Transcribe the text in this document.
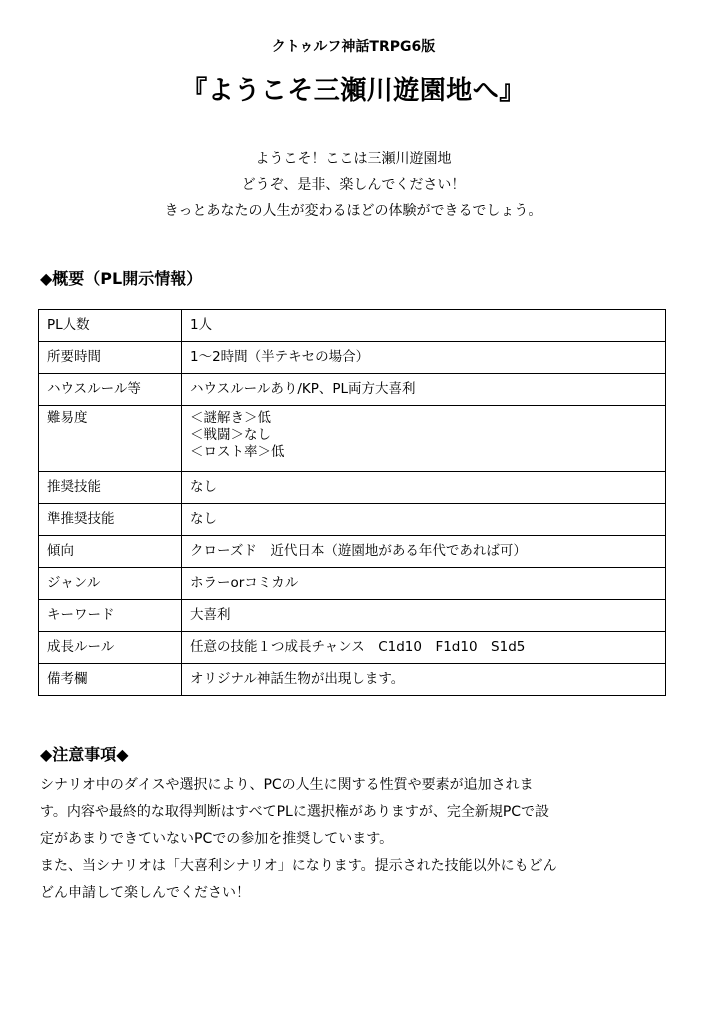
クトゥルフ神話TRPG6版
『ようこそ三瀬川遊園地へ』
ようこそ！ここは三瀬川遊園地
どうぞ、是非、楽しんでください！
きっとあなたの人生が変わるほどの体験ができるでしょう。
◆概要（PL開示情報）
PL人数	1人

所要時間	1～2時間（半テキセの場合）

ハウスルール等	ハウスルールあり/KP、PL両方大喜利

難易度	＜謎解き＞低
＜戦闘＞なし
＜ロスト率＞低

推奨技能	なし

準推奨技能	なし

傾向	クローズド　近代日本（遊園地がある年代であれば可）

ジャンル	ホラーorコミカル

キーワード	大喜利

成長ルール	任意の技能１つ成長チャンス　C1d10　F1d10　S1d5

備考欄	オリジナル神話生物が出現します。
◆注意事項◆
シナリオ中のダイスや選択により、PCの人生に関する性質や要素が追加されま
す。内容や最終的な取得判断はすべてPLに選択権がありますが、完全新規PCで設
定があまりできていないPCでの参加を推奨しています。
また、当シナリオは「大喜利シナリオ」になります。提示された技能以外にもどん
どん申請して楽しんでください！
